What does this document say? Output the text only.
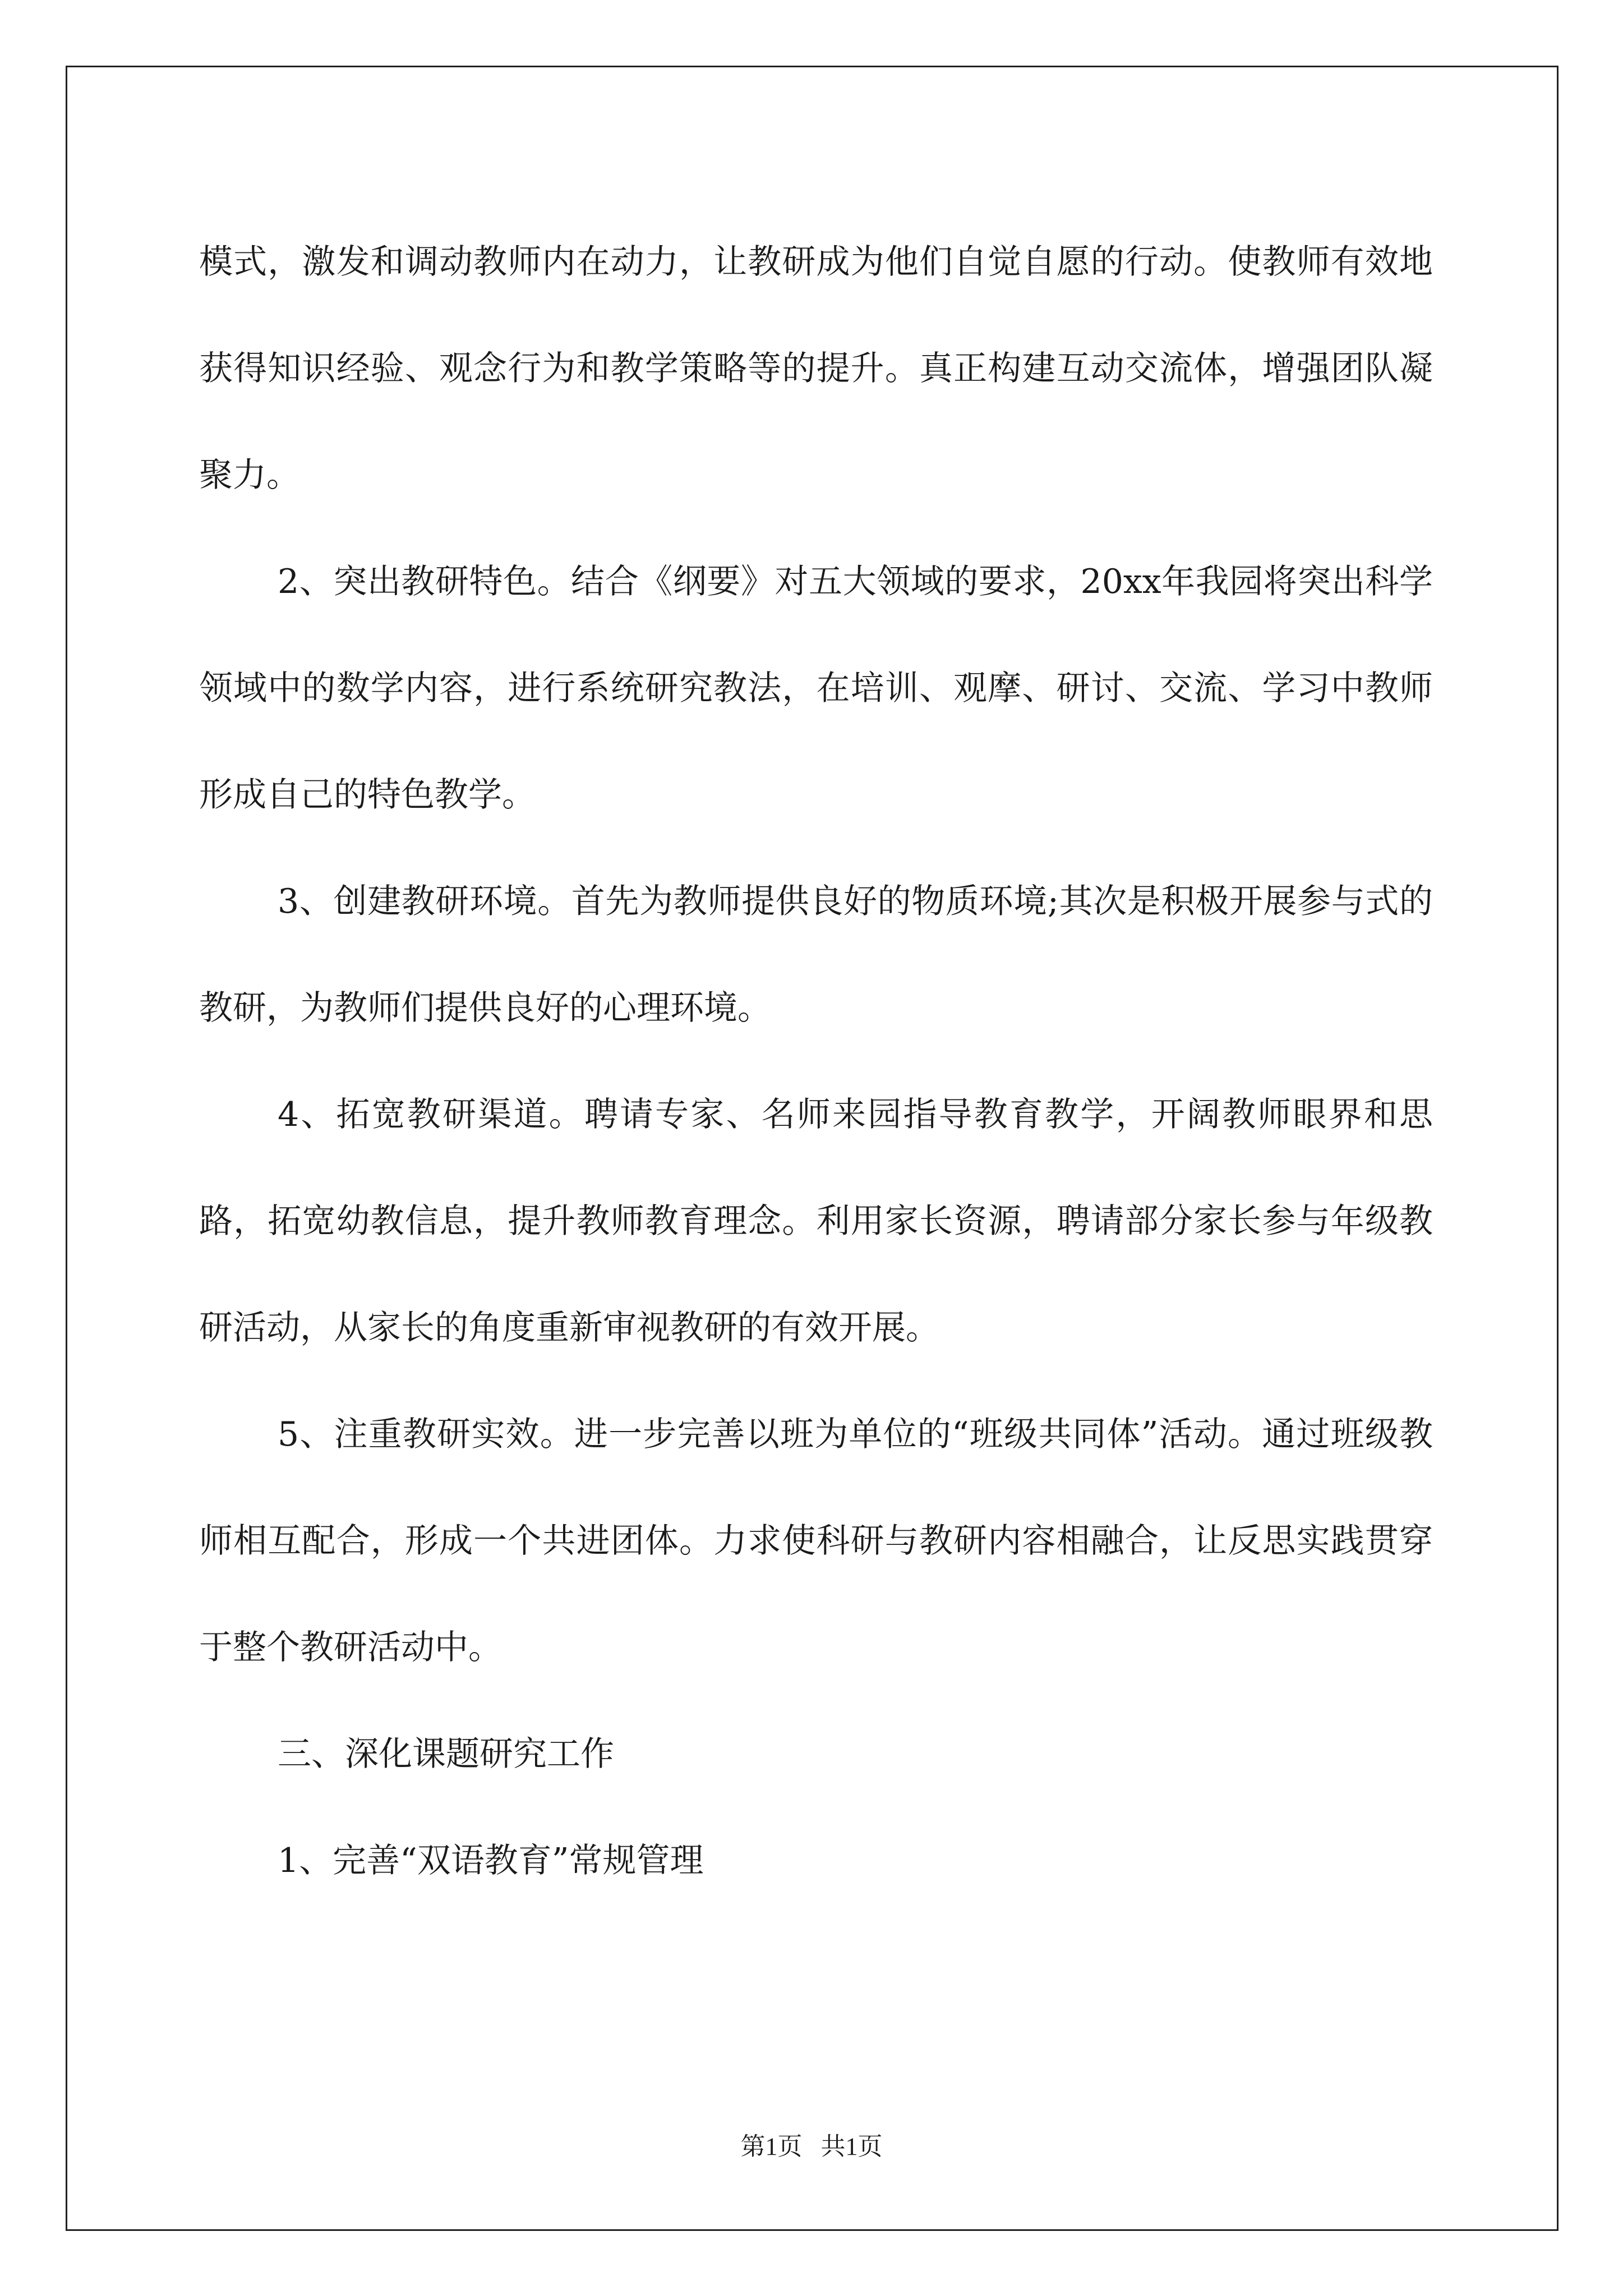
模式，激发和调动教师内在动力，让教研成为他们自觉自愿的行动。使教师有效地获得知识经验、观念行为和教学策略等的提升。真正构建互动交流体，增强团队凝聚力。

2、突出教研特色。结合《纲要》对五大领域的要求，20xx年我园将突出科学领域中的数学内容，进行系统研究教法，在培训、观摩、研讨、交流、学习中教师形成自己的特色教学。

3、创建教研环境。首先为教师提供良好的物质环境;其次是积极开展参与式的教研，为教师们提供良好的心理环境。

4、拓宽教研渠道。聘请专家、名师来园指导教育教学，开阔教师眼界和思路，拓宽幼教信息，提升教师教育理念。利用家长资源，聘请部分家长参与年级教研活动，从家长的角度重新审视教研的有效开展。

5、注重教研实效。进一步完善以班为单位的“班级共同体”活动。通过班级教师相互配合，形成一个共进团体。力求使科研与教研内容相融合，让反思实践贯穿于整个教研活动中。

三、深化课题研究工作

1、完善“双语教育”常规管理

第1页   共1页
